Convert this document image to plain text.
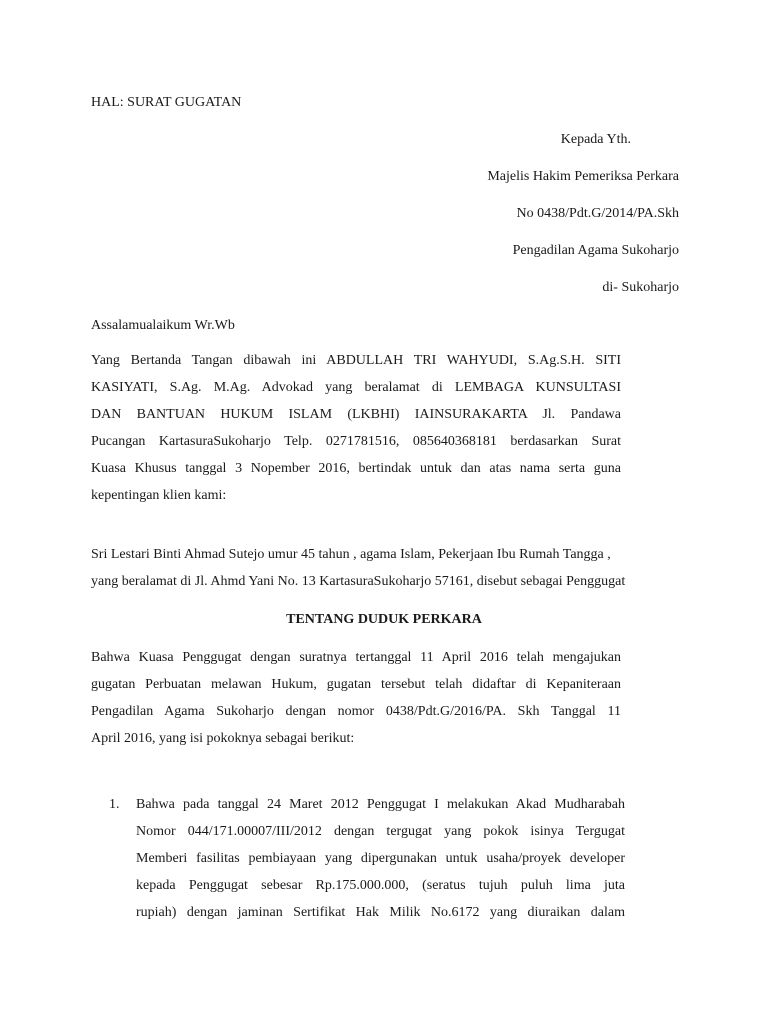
HAL: SURAT GUGATAN
Kepada Yth.
Majelis Hakim Pemeriksa Perkara
No 0438/Pdt.G/2014/PA.Skh
Pengadilan Agama Sukoharjo
di- Sukoharjo
Assalamualaikum Wr.Wb
Yang Bertanda Tangan dibawah ini ABDULLAH TRI WAHYUDI, S.Ag.S.H. SITI
KASIYATI, S.Ag. M.Ag. Advokad yang beralamat di LEMBAGA KUNSULTASI
DAN BANTUAN HUKUM ISLAM (LKBHI) IAINSURAKARTA Jl. Pandawa
Pucangan KartasuraSukoharjo Telp. 0271781516, 085640368181 berdasarkan Surat
Kuasa Khusus tanggal 3 Nopember 2016, bertindak untuk dan atas nama serta guna
kepentingan klien kami:
Sri Lestari Binti Ahmad Sutejo umur 45 tahun , agama Islam, Pekerjaan Ibu Rumah Tangga ,
yang beralamat di Jl. Ahmd Yani No. 13 KartasuraSukoharjo 57161, disebut sebagai Penggugat
TENTANG DUDUK PERKARA
Bahwa Kuasa Penggugat dengan suratnya tertanggal 11 April 2016 telah mengajukan
gugatan Perbuatan melawan Hukum, gugatan tersebut telah didaftar di Kepaniteraan
Pengadilan Agama Sukoharjo dengan nomor 0438/Pdt.G/2016/PA. Skh Tanggal 11
April 2016, yang isi pokoknya sebagai berikut:
1. Bahwa pada tanggal 24 Maret 2012 Penggugat I melakukan Akad Mudharabah
Nomor 044/171.00007/III/2012 dengan tergugat yang pokok isinya Tergugat
Memberi fasilitas pembiayaan yang dipergunakan untuk usaha/proyek developer
kepada Penggugat sebesar Rp.175.000.000, (seratus tujuh puluh lima juta
rupiah) dengan jaminan Sertifikat Hak Milik No.6172 yang diuraikan dalam
